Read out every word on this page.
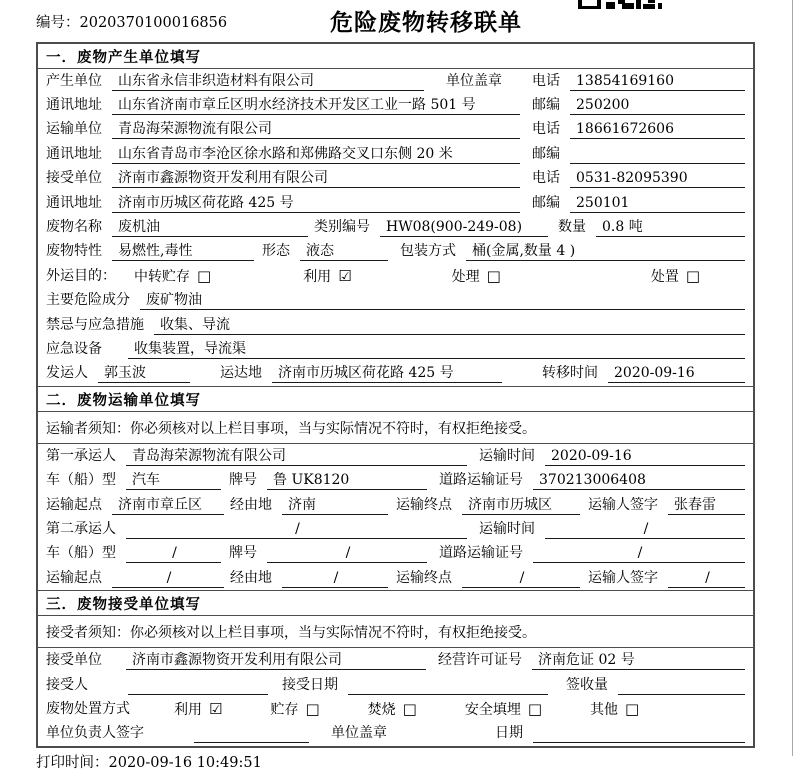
编号：2020370100016856	危险废物转移联单
一．废物产生单位填写
产生单位	山东省永信非织造材料有限公司	单位盖章 电话	13854169160
通讯地址	山东省济南市章丘区明水经济技术开发区工业一路 501 号	邮编	250200
运输单位	青岛海荣源物流有限公司	电话	18661672606
通讯地址	山东省青岛市李沧区徐水路和郑佛路交叉口东侧 20 米	邮编
接受单位	济南市鑫源物资开发利用有限公司	电话	0531-82095390
通讯地址	济南市历城区荷花路 425 号	邮编	250101
废物名称	废机油	类别编号	HW08(900-249-08)	数量	0.8 吨
废物特性	易燃性,毒性	形态	液态	包装方式	桶(金属,数量 4 )
外运目的： 中转贮存 □	利用 ☑	处理 □	处置 □
主要危险成分	废矿物油
禁忌与应急措施	收集、导流
应急设备	收集装置，导流渠
发运人	郭玉波	运达地	济南市历城区荷花路 425 号	转移时间	2020-09-16
二．废物运输单位填写
运输者须知：你必须核对以上栏目事项，当与实际情况不符时，有权拒绝接受。
第一承运人	青岛海荣源物流有限公司	运输时间	2020-09-16
车（船）型	汽车	牌号	鲁 UK8120	道路运输证号	370213006408
运输起点	济南市章丘区	经由地	济南	运输终点	济南市历城区	运输人签字	张春雷
第二承运人	/	运输时间	/
车（船）型	/	牌号	/	道路运输证号	/
运输起点	/	经由地	/	运输终点	/	运输人签字	/
三．废物接受单位填写
接受者须知：你必须核对以上栏目事项，当与实际情况不符时，有权拒绝接受。
接受单位	济南市鑫源物资开发利用有限公司	经营许可证号	济南危证 02 号
接受人	接受日期	签收量
废物处置方式	利用 ☑	贮存 □	焚烧 □	安全填埋 □	其他 □
单位负责人签字	单位盖章	日期
打印时间：2020-09-16 10:49:51
